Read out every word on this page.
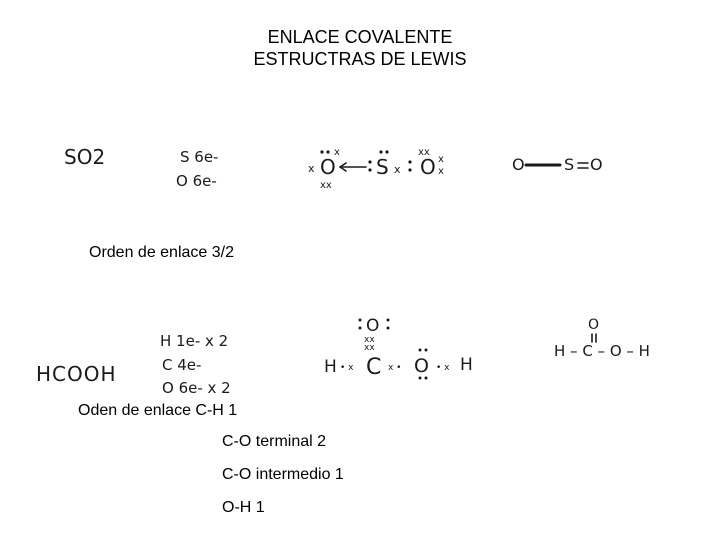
ENLACE COVALENTE
ESTRUCTRAS DE LEWIS
SO2	S 6e-
O 6e-
O
x
xx
x
S x
xx
O x
x	O S O
Orden de enlace 3/2
HCOOH
H 1e- x 2
C 4e-
O 6e- x 2
O
xx
xx
H • x C x • O • x H
O
H – C – O – H
Oden de enlace C-H 1
C-O terminal 2
C-O intermedio 1
O-H 1
